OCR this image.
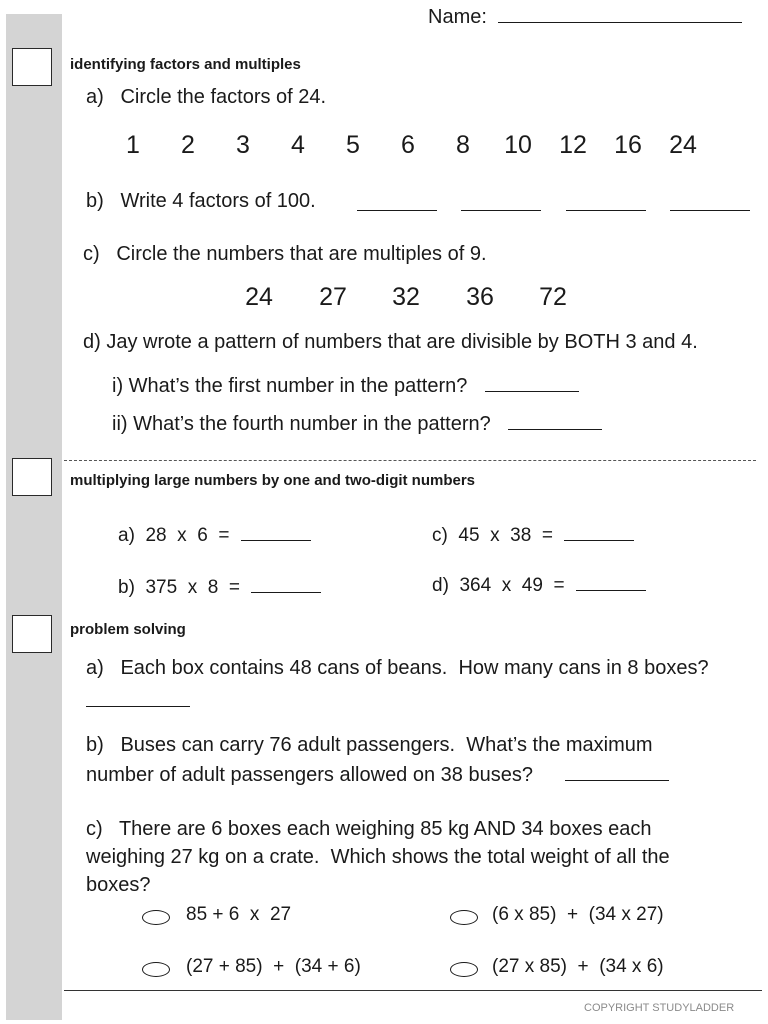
Name:
identifying factors and multiples
a)   Circle the factors of 24.
1 2 3 4 5 6 8 10 12 16 24
b)   Write 4 factors of 100.
c)   Circle the numbers that are multiples of 9.
24 27 32 36 72
d) Jay wrote a pattern of numbers that are divisible by BOTH 3 and 4.
i) What’s the first number in the pattern?
ii) What’s the fourth number in the pattern?
multiplying large numbers by one and two-digit numbers
a)  28  x  6  =
b)  375  x  8  =
c)  45  x  38  =
d)  364  x  49  =
problem solving
a)   Each box contains 48 cans of beans.  How many cans in 8 boxes?
b)   Buses can carry 76 adult passengers.  What’s the maximum
number of adult passengers allowed on 38 buses?
c)   There are 6 boxes each weighing 85 kg AND 34 boxes each
weighing 27 kg on a crate.  Which shows the total weight of all the
boxes?
85 + 6  x  27	(6 x 85)  +  (34 x 27)
(27 + 85)  +  (34 + 6)	(27 x 85)  +  (34 x 6)
COPYRIGHT STUDYLADDER
